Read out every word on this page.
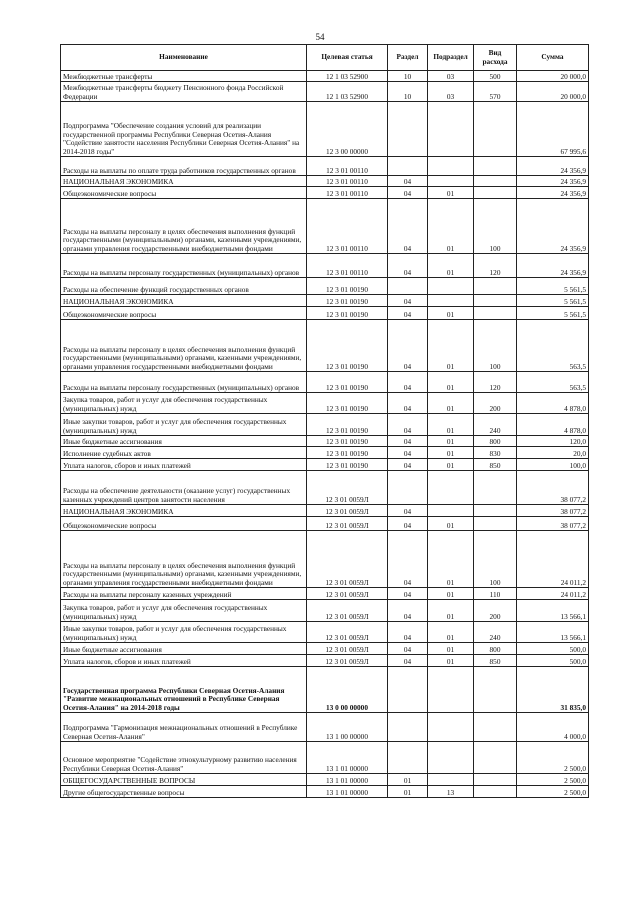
54
Наименование	Целевая статья	Раздел	Подраздел	Вид расхода	Сумма
Межбюджетные трансферты	12 1 03 52900	10	03	500	20 000,0
Межбюджетные трансферты бюджету Пенсионного фонда Российской Федерации	12 1 03 52900	10	03	570	20 000,0
Подпрограмма "Обеспечение создания условий для реализации государственной программы Республики Северная Осетия-Алания "Содействие занятости населения Республики Северная Осетия-Алания" на 2014-2018 годы"	12 3 00 00000				67 995,6
Расходы на выплаты по оплате труда работников государственных органов	12 3 01 00110				24 356,9
НАЦИОНАЛЬНАЯ ЭКОНОМИКА	12 3 01 00110	04			24 356,9
Общеэкономические вопросы	12 3 01 00110	04	01		24 356,9
Расходы на выплаты персоналу в целях обеспечения выполнения функций государственными (муниципальными) органами, казенными учреждениями, органами управления государственными внебюджетными фондами	12 3 01 00110	04	01	100	24 356,9
Расходы на выплаты персоналу государственных (муниципальных) органов	12 3 01 00110	04	01	120	24 356,9
Расходы на обеспечение функций государственных органов	12 3 01 00190				5 561,5
НАЦИОНАЛЬНАЯ ЭКОНОМИКА	12 3 01 00190	04			5 561,5
Общеэкономические вопросы	12 3 01 00190	04	01		5 561,5
Расходы на выплаты персоналу в целях обеспечения выполнения функций государственными (муниципальными) органами, казенными учреждениями, органами управления государственными внебюджетными фондами	12 3 01 00190	04	01	100	563,5
Расходы на выплаты персоналу государственных (муниципальных) органов	12 3 01 00190	04	01	120	563,5
Закупка товаров, работ и услуг для обеспечения государственных (муниципальных) нужд	12 3 01 00190	04	01	200	4 878,0
Иные закупки товаров, работ и услуг для обеспечения государственных (муниципальных) нужд	12 3 01 00190	04	01	240	4 878,0
Иные бюджетные ассигнования	12 3 01 00190	04	01	800	120,0
Исполнение судебных актов	12 3 01 00190	04	01	830	20,0
Уплата налогов, сборов и иных платежей	12 3 01 00190	04	01	850	100,0
Расходы на обеспечение деятельности (оказание услуг) государственных казенных учреждений центров занятости населения	12 3 01 0059Л				38 077,2
НАЦИОНАЛЬНАЯ ЭКОНОМИКА	12 3 01 0059Л	04			38 077,2
Общеэкономические вопросы	12 3 01 0059Л	04	01		38 077,2
Расходы на выплаты персоналу в целях обеспечения выполнения функций государственными (муниципальными) органами, казенными учреждениями, органами управления государственными внебюджетными фондами	12 3 01 0059Л	04	01	100	24 011,2
Расходы на выплаты персоналу казенных учреждений	12 3 01 0059Л	04	01	110	24 011,2
Закупка товаров, работ и услуг для обеспечения государственных (муниципальных) нужд	12 3 01 0059Л	04	01	200	13 566,1
Иные закупки товаров, работ и услуг для обеспечения государственных (муниципальных) нужд	12 3 01 0059Л	04	01	240	13 566,1
Иные бюджетные ассигнования	12 3 01 0059Л	04	01	800	500,0
Уплата налогов, сборов и иных платежей	12 3 01 0059Л	04	01	850	500,0
Государственная программа Республики Северная Осетия-Алания "Развитие межнациональных отношений в Республике Северная Осетия-Алания" на 2014-2018 годы	13 0 00 00000				31 835,0
Подпрограмма "Гармонизация межнациональных отношений в Республике Северная Осетия-Алания"	13 1 00 00000				4 000,0
Основное мероприятие "Содействие этнокультурному развитию населения Республики Северная Осетия-Алания"	13 1 01 00000				2 500,0
ОБЩЕГОСУДАРСТВЕННЫЕ ВОПРОСЫ	13 1 01 00000	01			2 500,0
Другие общегосударственные вопросы	13 1 01 00000	01	13		2 500,0
